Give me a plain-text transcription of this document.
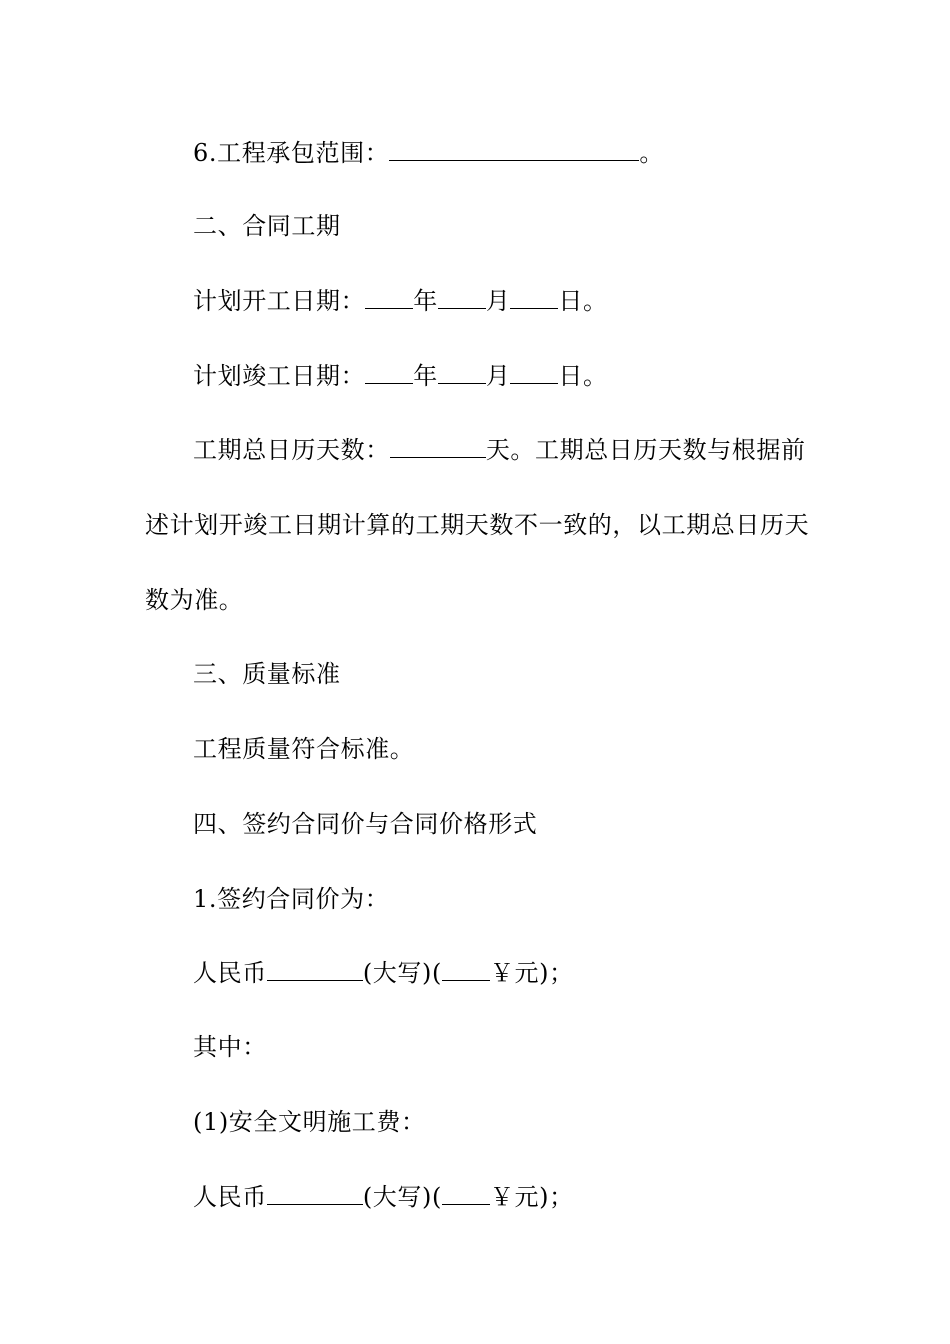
6.工程承包范围：	。
二、合同工期
计划开工日期： 年 月 日。
计划竣工日期： 年 月 日。
工期总日历天数：	天。工期总日历天数与根据前
述计划开竣工日期计算的工期天数不一致的，以工期总日历天
数为准。
三、质量标准
工程质量符合标准。
四、签约合同价与合同价格形式
1.签约合同价为：
人民币	(大写)( ￥元)；
其中：
(1)安全文明施工费：
人民币	(大写)( ￥元)；
